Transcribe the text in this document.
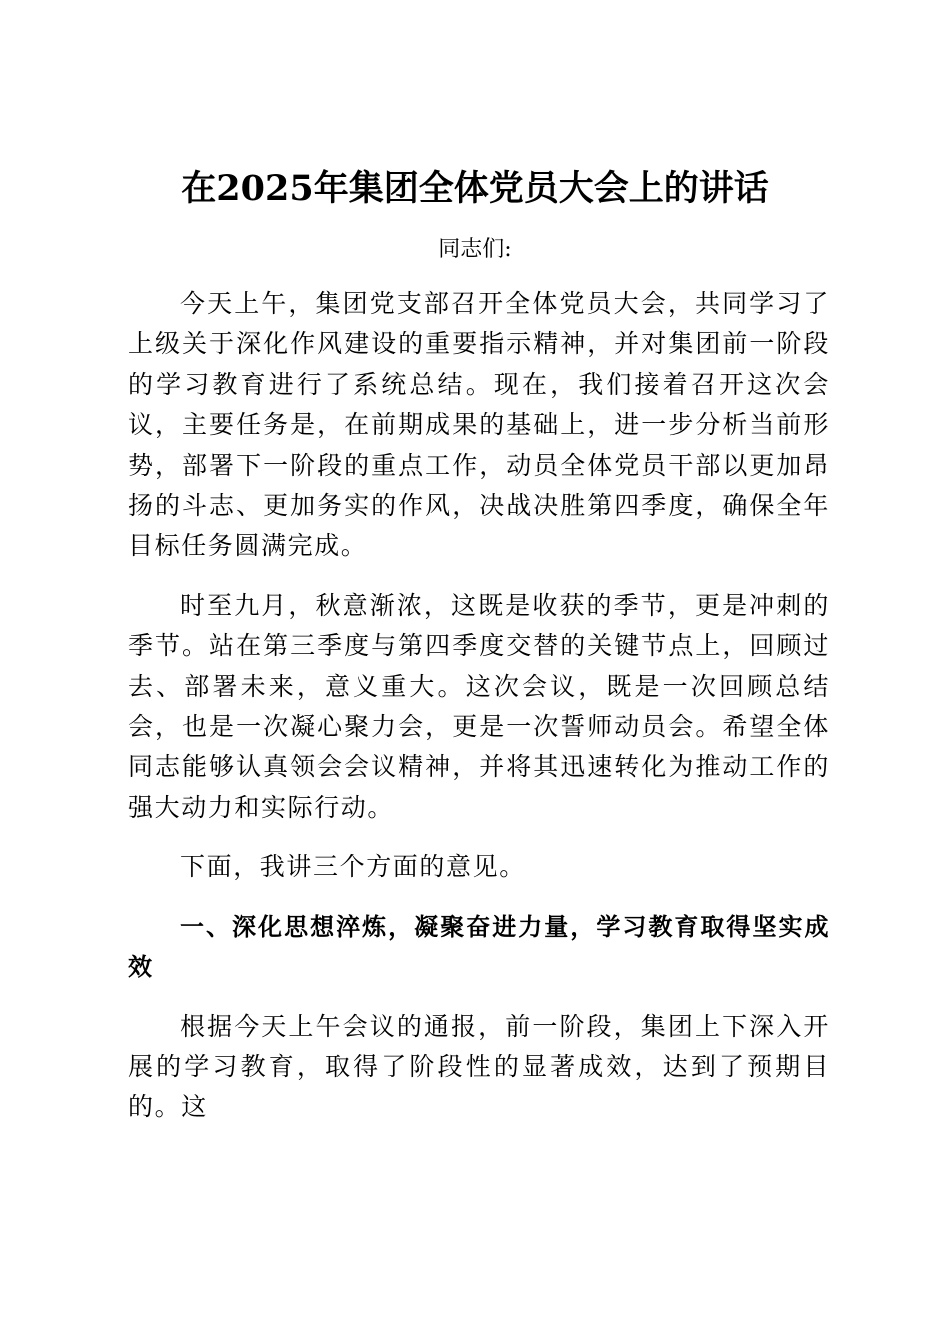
在2025年集团全体党员大会上的讲话

同志们:

今天上午，集团党支部召开全体党员大会，共同学习了上级关于深化作风建设的重要指示精神，并对集团前一阶段的学习教育进行了系统总结。现在，我们接着召开这次会议，主要任务是，在前期成果的基础上，进一步分析当前形势，部署下一阶段的重点工作，动员全体党员干部以更加昂扬的斗志、更加务实的作风，决战决胜第四季度，确保全年目标任务圆满完成。

时至九月，秋意渐浓，这既是收获的季节，更是冲刺的季节。站在第三季度与第四季度交替的关键节点上，回顾过去、部署未来，意义重大。这次会议，既是一次回顾总结会，也是一次凝心聚力会，更是一次誓师动员会。希望全体同志能够认真领会会议精神，并将其迅速转化为推动工作的强大动力和实际行动。

下面，我讲三个方面的意见。

一、深化思想淬炼，凝聚奋进力量，学习教育取得坚实成效

根据今天上午会议的通报，前一阶段，集团上下深入开展的学习教育，取得了阶段性的显著成效，达到了预期目的。这
